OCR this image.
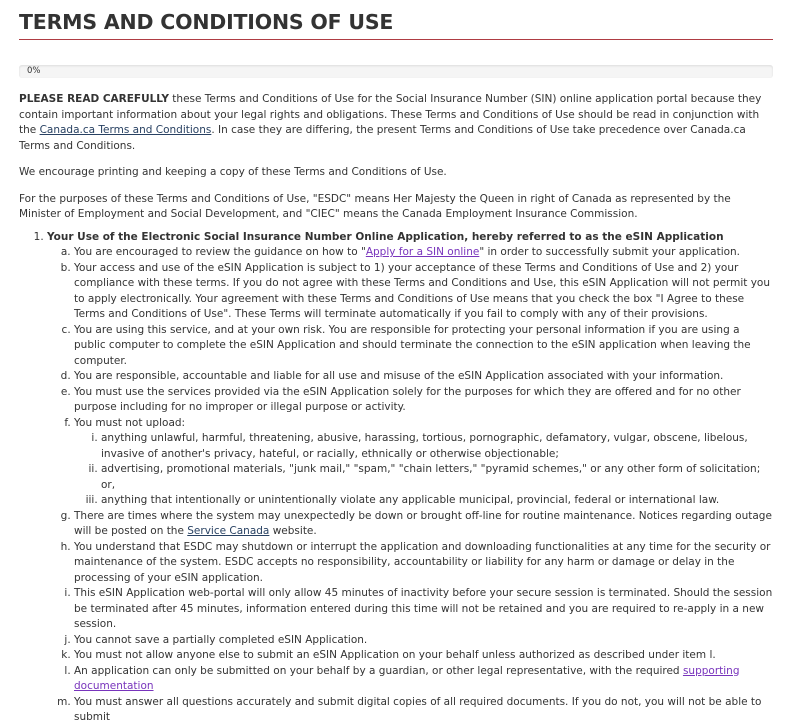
TERMS AND CONDITIONS OF USE
0%

PLEASE READ CAREFULLY these Terms and Conditions of Use for the Social Insurance Number (SIN) online application portal because they contain important information about your legal rights and obligations. These Terms and Conditions of Use should be read in conjunction with the Canada.ca Terms and Conditions. In case they are differing, the present Terms and Conditions of Use take precedence over Canada.ca Terms and Conditions.

We encourage printing and keeping a copy of these Terms and Conditions of Use.

For the purposes of these Terms and Conditions of Use, "ESDC" means Her Majesty the Queen in right of Canada as represented by the Minister of Employment and Social Development, and "CIEC" means the Canada Employment Insurance Commission.

1. Your Use of the Electronic Social Insurance Number Online Application, hereby referred to as the eSIN Application
a. You are encouraged to review the guidance on how to "Apply for a SIN online" in order to successfully submit your application.
b. Your access and use of the eSIN Application is subject to 1) your acceptance of these Terms and Conditions of Use and 2) your compliance with these terms. If you do not agree with these Terms and Conditions and Use, this eSIN Application will not permit you to apply electronically. Your agreement with these Terms and Conditions of Use means that you check the box "I Agree to these Terms and Conditions of Use". These Terms will terminate automatically if you fail to comply with any of their provisions.
c. You are using this service, and at your own risk. You are responsible for protecting your personal information if you are using a public computer to complete the eSIN Application and should terminate the connection to the eSIN application when leaving the computer.
d. You are responsible, accountable and liable for all use and misuse of the eSIN Application associated with your information.
e. You must use the services provided via the eSIN Application solely for the purposes for which they are offered and for no other purpose including for no improper or illegal purpose or activity.
f. You must not upload:
i. anything unlawful, harmful, threatening, abusive, harassing, tortious, pornographic, defamatory, vulgar, obscene, libelous, invasive of another's privacy, hateful, or racially, ethnically or otherwise objectionable;
ii. advertising, promotional materials, "junk mail," "spam," "chain letters," "pyramid schemes," or any other form of solicitation; or,
iii. anything that intentionally or unintentionally violate any applicable municipal, provincial, federal or international law.
g. There are times where the system may unexpectedly be down or brought off-line for routine maintenance. Notices regarding outage will be posted on the Service Canada website.
h. You understand that ESDC may shutdown or interrupt the application and downloading functionalities at any time for the security or maintenance of the system. ESDC accepts no responsibility, accountability or liability for any harm or damage or delay in the processing of your eSIN application.
i. This eSIN Application web-portal will only allow 45 minutes of inactivity before your secure session is terminated. Should the session be terminated after 45 minutes, information entered during this time will not be retained and you are required to re-apply in a new session.
j. You cannot save a partially completed eSIN Application.
k. You must not allow anyone else to submit an eSIN Application on your behalf unless authorized as described under item l.
l. An application can only be submitted on your behalf by a guardian, or other legal representative, with the required supporting documentation
m. You must answer all questions accurately and submit digital copies of all required documents. If you do not, you will not be able to submit
